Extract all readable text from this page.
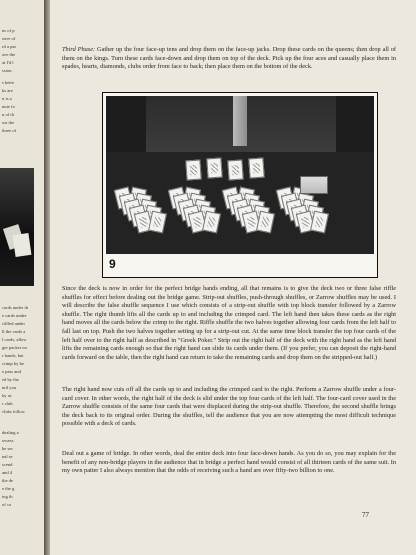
ns of p
eave of
rd a par
ave the
at I'd l
ssion.
s bette
ks are
n is a
nute fo
n of th
ost the
three of
cards under th
e cards under
riffled under
ll the cards a
l cards, allow
ger packet on
r hands, but
crimp by be
e pass and
ed by the
ntil you
by as
r club
clubs follow
dealing a
ossess
he sec
nal se
scend
and 4
the de
e the g
ing th
of ca

Third Phase: Gather up the four face-up tens and drop them on the face-up jacks. Drop these cards on the queens; then drop all of them on the kings. Turn these cards face-down and drop them on top of the deck. Pick up the four aces and casually place them in spades, hearts, diamonds, clubs order from face to back; then place them on the bottom of the deck.

9

Since the deck is now in order for the perfect bridge hands ending, all that remains is to give the deck two or three false riffle shuffles for effect before dealing out the bridge game. Strip-out shuffles, push-through shuffles, or Zarrow shuffles may be used. I will describe the false shuffle sequence I use which consists of a strip-out shuffle with top block transfer followed by a Zarrow shuffle. The right thumb lifts all the cards up to and including the crimped card. The left hand then takes these cards as the right hand moves all the cards below the crimp to the right. Riffle shuffle the two halves together allowing four cards from the left half to fall last on top. Push the two halves together setting up for a strip-out cut. At the same time block transfer the top four cards of the left half over to the right half as described in "Greek Poker." Strip out the right half of the deck with the right hand as the left hand lifts the remaining cards enough so that the right hand can slide its cards under them. (If you prefer, you can deposit the right-hand cards forward on the table, then the right hand can return to take the remaining cards and drop them on the stripped-out half.)

The right hand now cuts off all the cards up to and including the crimped card to the right. Perform a Zarrow shuffle under a four-card cover. In other words, the right half of the deck is slid under the top four cards of the left half. The four-card cover used in the Zarrow shuffle consists of the same four cards that were displaced during the strip-out shuffle. Therefore, the second shuffle brings the deck back to its original order. During the shuffles, tell the audience that you are now attempting the most difficult technique possible with a deck of cards.

Deal out a game of bridge. In other words, deal the entire deck into four face-down hands. As you do so, you may explain for the benefit of any non-bridge players in the audience that in bridge a perfect hand would consist of all thirteen cards of the same suit. In my own patter I also always mention that the odds of receiving such a hand are over fifty-two billion to one.

77
